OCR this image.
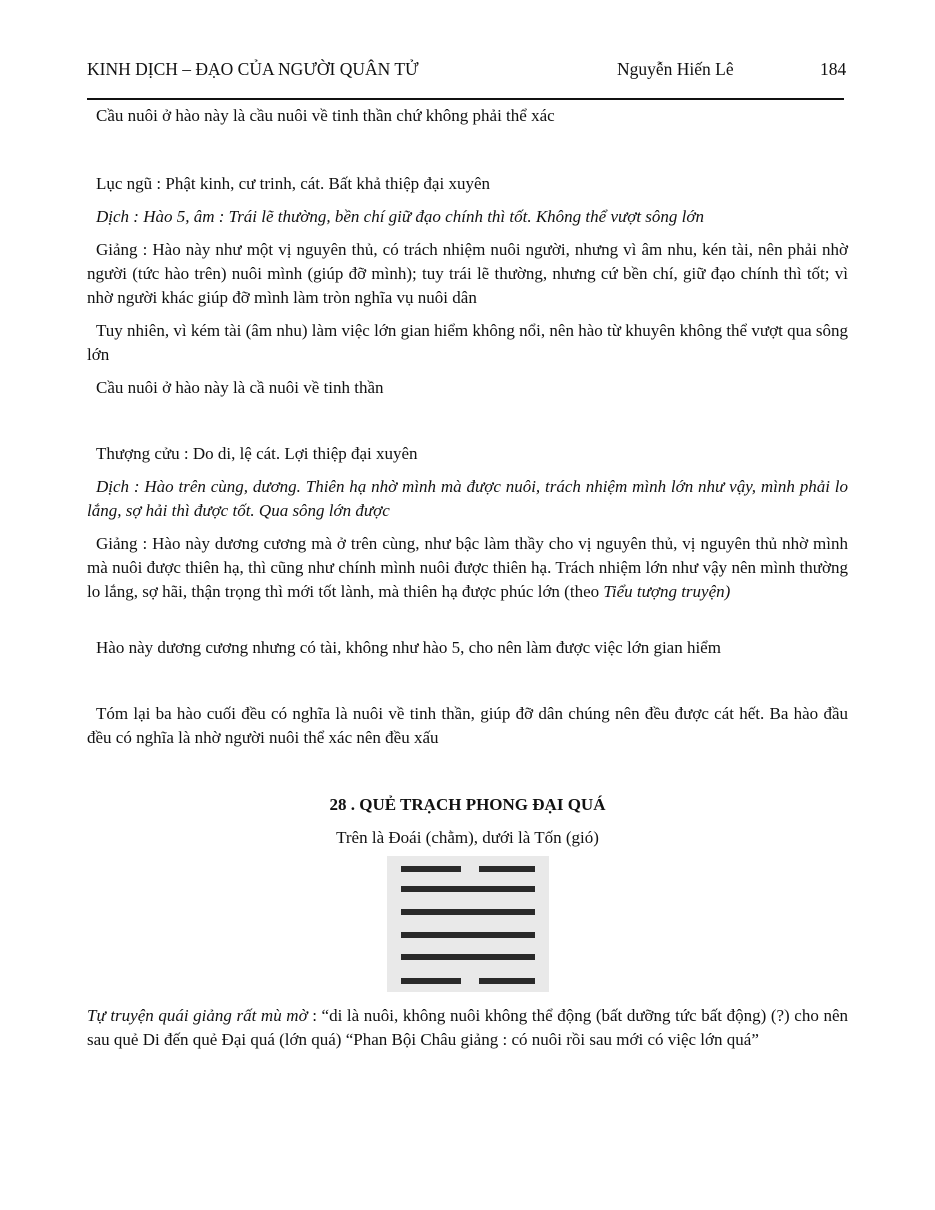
KINH DỊCH – ĐẠO CỦA NGƯỜI QUÂN TỬ	Nguyễn Hiến Lê	184

Cầu nuôi ở hào này là cầu nuôi về tinh thần chứ không phải thể xác

Lục ngũ : Phật kinh, cư trinh, cát. Bất khả thiệp đại xuyên

Dịch : Hào 5, âm : Trái lẽ thường, bền chí giữ đạo chính thì tốt. Không thể vượt sông lớn

Giảng : Hào này như một vị nguyên thủ, có trách nhiệm nuôi người, nhưng vì âm nhu, kén tài, nên phải nhờ người (tức hào trên) nuôi mình (giúp đỡ mình); tuy trái lẽ thường, nhưng cứ bền chí, giữ đạo chính thì tốt; vì nhờ người khác giúp đỡ mình làm tròn nghĩa vụ nuôi dân

Tuy nhiên, vì kém tài (âm nhu) làm việc lớn gian hiểm không nổi, nên hào từ khuyên không thể vượt qua sông lớn

Cầu nuôi ở hào này là cầ nuôi về tinh thần

Thượng cửu : Do di, lệ cát. Lợi thiệp đại xuyên

Dịch : Hào trên cùng, dương. Thiên hạ nhờ mình mà được nuôi, trách nhiệm mình lớn như vậy, mình phải lo lắng, sợ hải thì được tốt. Qua sông lớn được

Giảng : Hào này dương cương mà ở trên cùng, như bậc làm thầy cho vị nguyên thủ, vị nguyên thủ nhờ mình mà nuôi được thiên hạ, thì cũng như chính mình nuôi được thiên hạ. Trách nhiệm lớn như vậy nên mình thường lo lắng, sợ hãi, thận trọng thì mới tốt lành, mà thiên hạ được phúc lớn (theo Tiểu tượng truyện)

Hào này dương cương nhưng có tài, không như hào 5, cho nên làm được việc lớn gian hiểm

Tóm lại ba hào cuối đều có nghĩa là nuôi về tinh thần, giúp đỡ dân chúng nên đều được cát hết. Ba hào đầu đều có nghĩa là nhờ người nuôi thể xác nên đều xấu

28 . QUẺ TRẠCH PHONG ĐẠI QUÁ
Trên là Đoái (chằm), dưới là Tốn (gió)

Tự truyện quái giảng rất mù mờ : “di là nuôi, không nuôi không thể động (bất dưỡng tức bất động) (?) cho nên sau quẻ Di đến quẻ Đại quá (lớn quá) “Phan Bội Châu giảng : có nuôi rồi sau mới có việc lớn quá”
